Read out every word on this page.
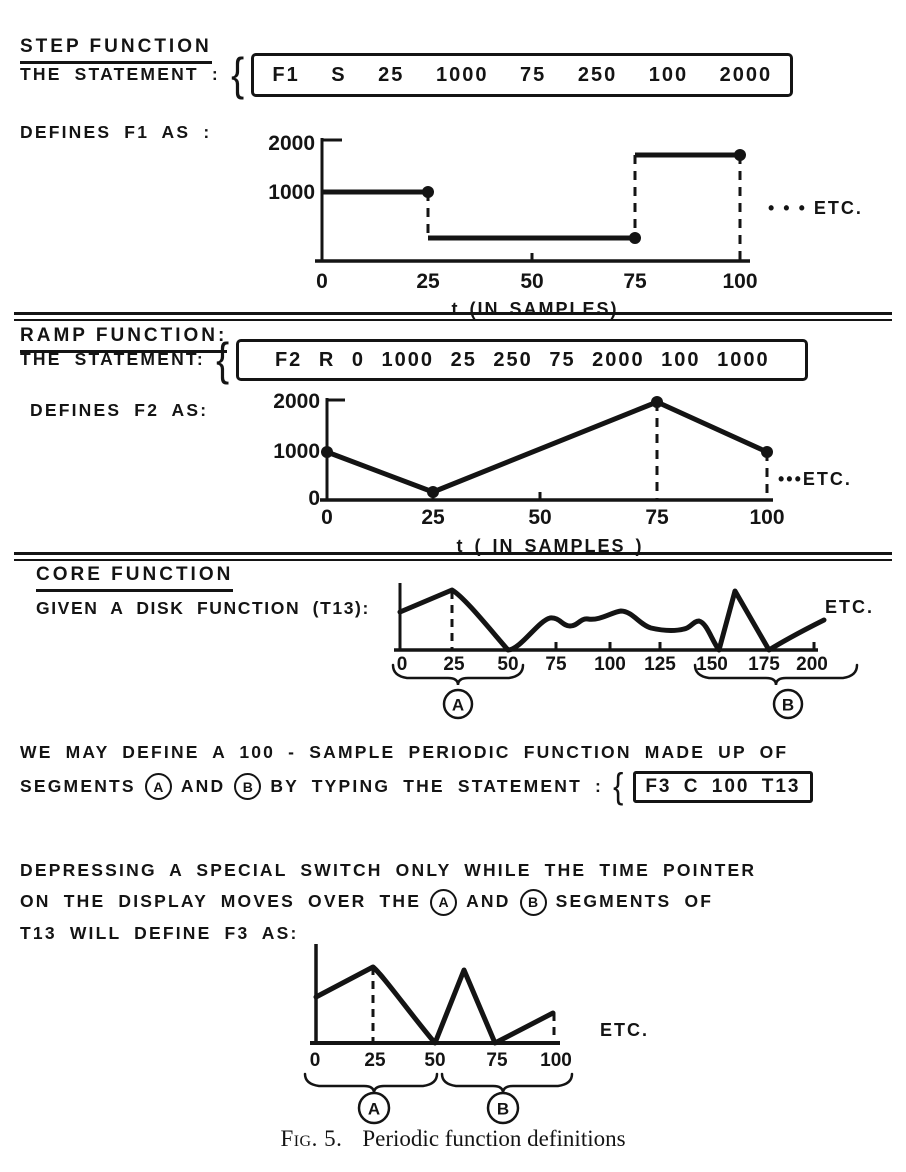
STEP FUNCTION
THE STATEMENT : {	F1 S 25 1000 75 250 100 2000
DEFINES F1 AS :	2000
1000
0	25	50	75	100
t (IN SAMPLES)
• • • ETC.
RAMP FUNCTION:
THE STATEMENT: {	F2 R 0 1000 25 250 75 2000 100 1000
DEFINES F2 AS:	2000
1000
0
0	25	50	75	100
t ( IN SAMPLES )
•••ETC.
CORE FUNCTION
GIVEN A DISK FUNCTION (T13):
0 25 50 75 100 125 150 175 200
A	B
ETC.
WE MAY DEFINE A 100 - SAMPLE PERIODIC FUNCTION MADE UP OF
SEGMENTS	A AND	B BY TYPING THE STATEMENT : {	F3 C 100 T13
DEPRESSING A SPECIAL SWITCH ONLY WHILE THE TIME POINTER
ON THE DISPLAY MOVES OVER THE	A AND	B SEGMENTS OF
T13 WILL DEFINE F3 AS:
0 25 50 75 100
A	B
ETC.
Fig. 5. Periodic function definitions
